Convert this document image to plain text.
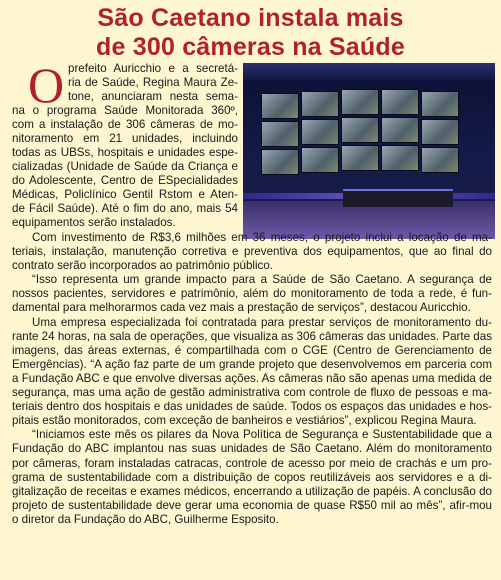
São Caetano instala mais
de 300 câmeras na Saúde
O prefeito Auricchio e a secretá-
ria de Saúde, Regina Maura Ze-
tone, anunciaram nesta sema-
na o programa Saúde Monitorada 360º,
com a instalação de 306 câmeras de mo-
nitoramento em 21 unidades, incluindo
todas as UBSs, hospitais e unidades espe-
cializadas (Unidade de Saúde da Criança e
do Adolescente, Centro de ESpecialidades
Médicas, Policlínico Gentil Rstom e Aten-
de Fácil Saúde). Até o fim do ano, mais 54
equipamentos serão instalados.

Com investimento de R$3,6 milhões em 36 meses, o projeto inclui a locação de ma-teriais, instalação, manutenção corretiva e preventiva dos equipamentos, que ao final do contrato serão incorporados ao patrimônio público.

“Isso representa um grande impacto para a Saúde de São Caetano. A segurança de nossos pacientes, servidores e patrimônio, além do monitoramento de toda a rede, é fun-damental para melhorarmos cada vez mais a prestação de serviços”, destacou Auricchio.

Uma empresa especializada foi contratada para prestar serviços de monitoramento du-rante 24 horas, na sala de operações, que visualiza as 306 câmeras das unidades. Parte das imagens, das áreas externas, é compartilhada com o CGE (Centro de Gerenciamento de Emergências). “A ação faz parte de um grande projeto que desenvolvemos em parceria com a Fundação ABC e que envolve diversas ações. As câmeras não são apenas uma medida de segurança, mas uma ação de gestão administrativa com controle de fluxo de pessoas e ma-teriais dentro dos hospitais e das unidades de saúde. Todos os espaços das unidades e hos-pitais estão monitorados, com exceção de banheiros e vestiários”, explicou Regina Maura.

“Iniciamos este mês os pilares da Nova Política de Segurança e Sustentabilidade que a Fundação do ABC implantou nas suas unidades de São Caetano. Além do monitoramento por câmeras, foram instaladas catracas, controle de acesso por meio de crachás e um pro-grama de sustentabilidade com a distribuição de copos reutilizáveis aos servidores e a di-gitalização de receitas e exames médicos, encerrando a utilização de papéis. A conclusão do projeto de sustentabilidade deve gerar uma economia de quase R$50 mil ao mês”, afir-mou o diretor da Fundação do ABC, Guilherme Esposito.
